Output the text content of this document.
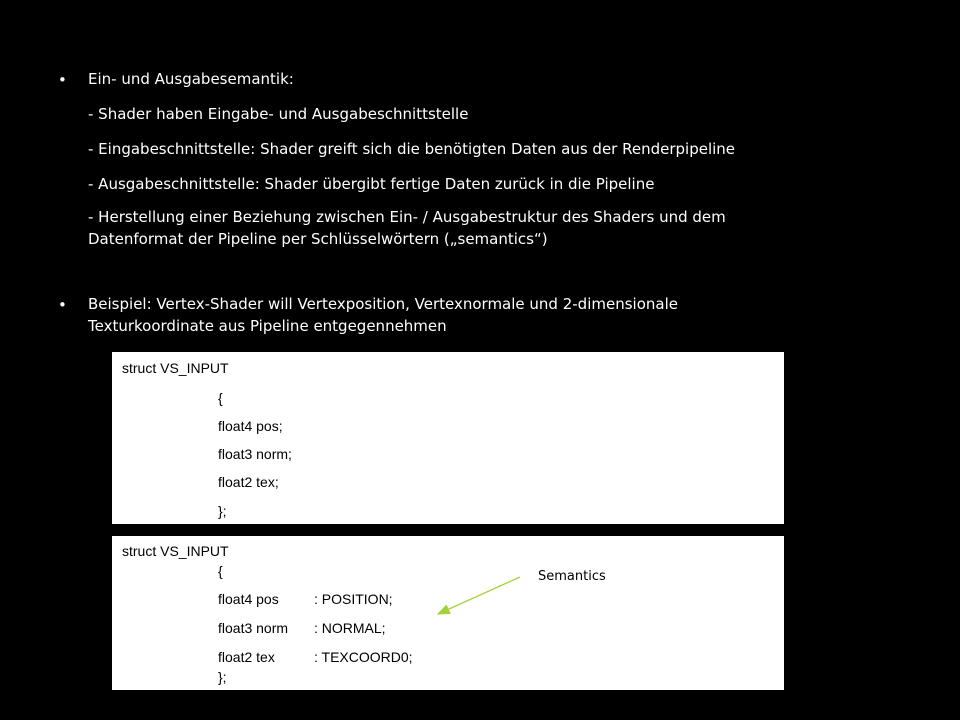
• Ein- und Ausgabesemantik:
- Shader haben Eingabe- und Ausgabeschnittstelle
- Eingabeschnittstelle: Shader greift sich die benötigten Daten aus der Renderpipeline
- Ausgabeschnittstelle: Shader übergibt fertige Daten zurück in die Pipeline
- Herstellung einer Beziehung zwischen Ein- / Ausgabestruktur des Shaders und dem
Datenformat der Pipeline per Schlüsselwörtern („semantics“)
• Beispiel: Vertex-Shader will Vertexposition, Vertexnormale und 2-dimensionale
Texturkoordinate aus Pipeline entgegennehmen
struct VS_INPUT
{
float4 pos;
float3 norm;
float2 tex;
};
struct VS_INPUT
{
float4 pos	: POSITION;
float3 norm : NORMAL;
float2 tex	: TEXCOORD0;
};
Semantics
